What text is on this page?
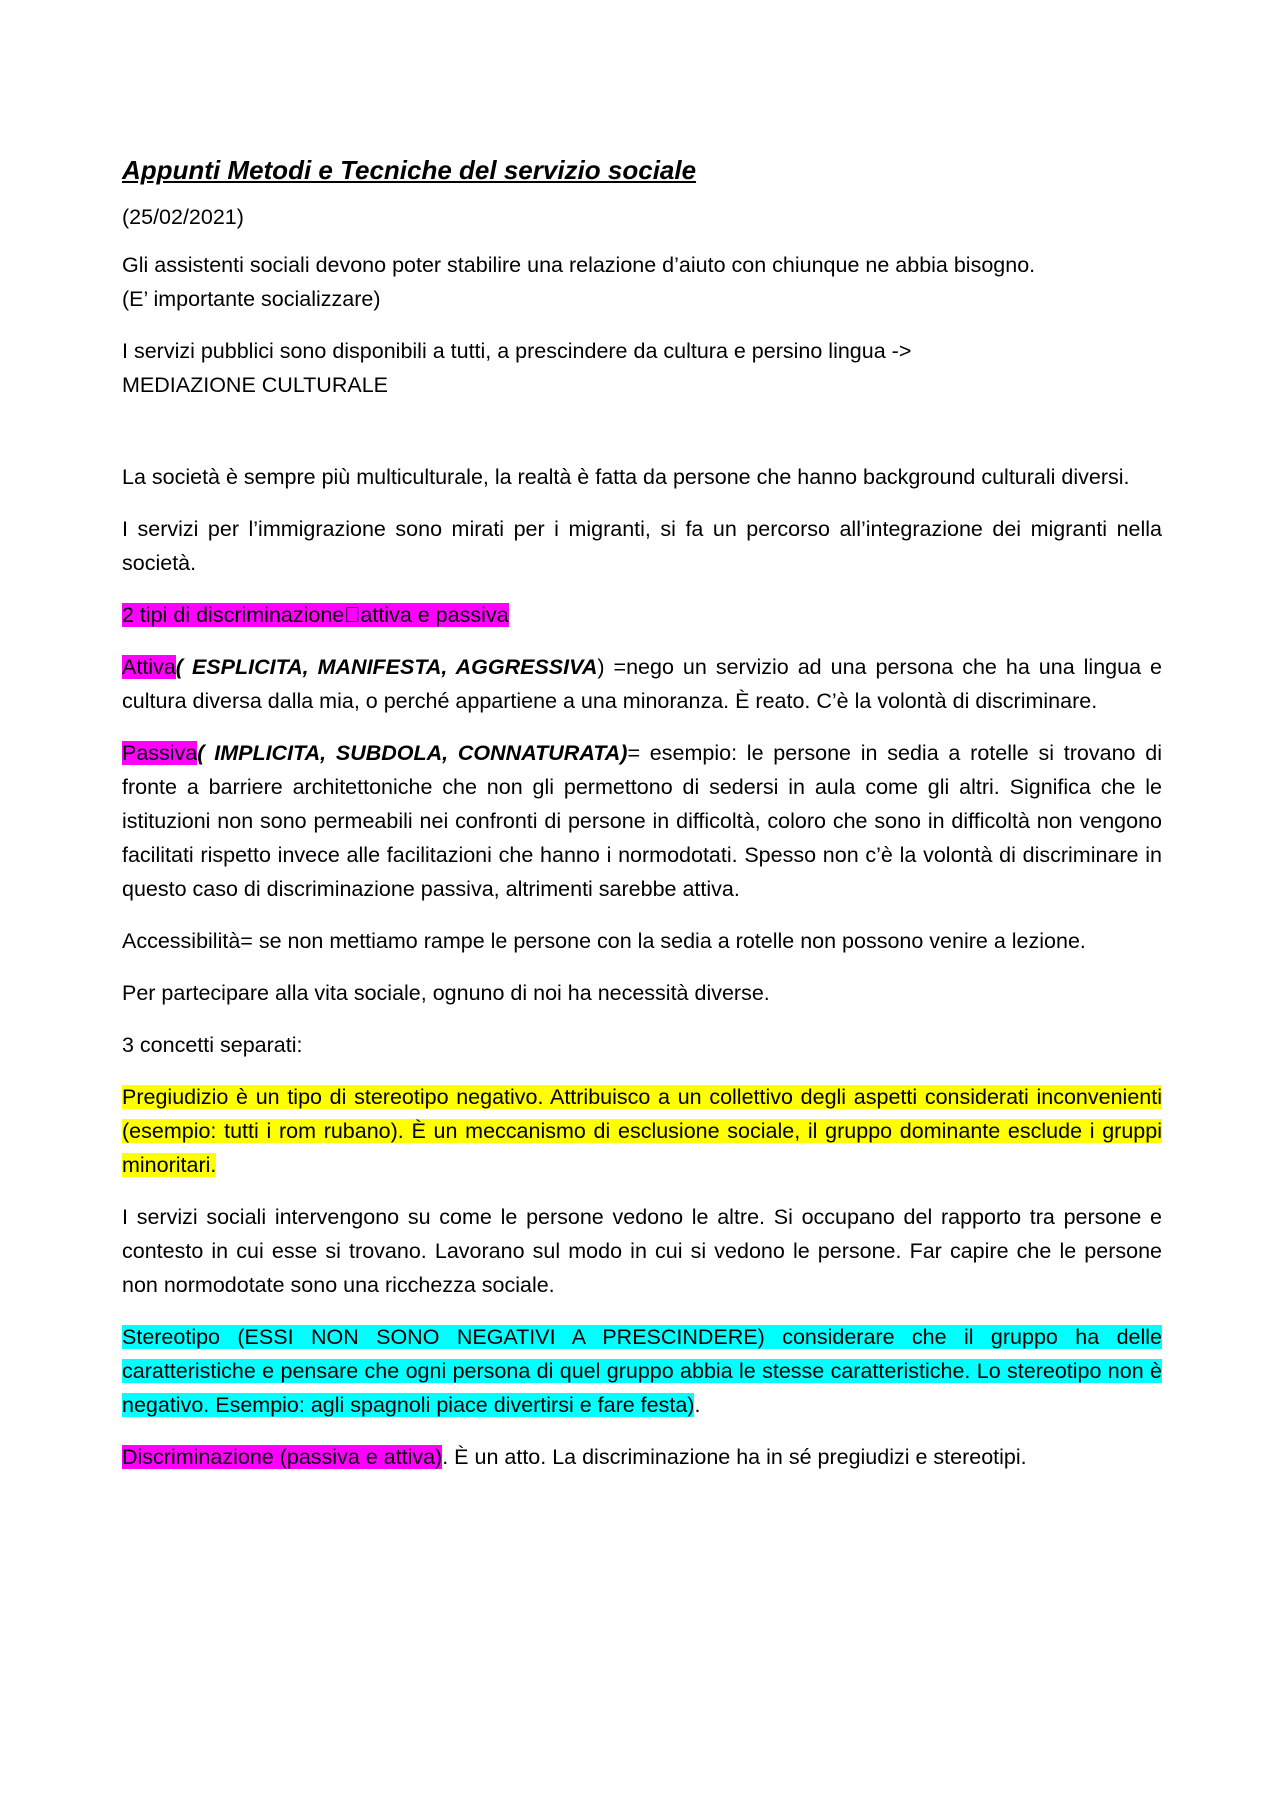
Appunti Metodi e Tecniche del servizio sociale

(25/02/2021)

Gli assistenti sociali devono poter stabilire una relazione d’aiuto con chiunque ne abbia bisogno.
(E’ importante socializzare)

I servizi pubblici sono disponibili a tutti, a prescindere da cultura e persino lingua -> MEDIAZIONE CULTURALE

La società è sempre più multiculturale, la realtà è fatta da persone che hanno background culturali diversi.

I servizi per l’immigrazione sono mirati per i migranti, si fa un percorso all’integrazione dei migranti nella società.

2 tipi di discriminazione attiva e passiva

Attiva( ESPLICITA, MANIFESTA, AGGRESSIVA) =nego un servizio ad una persona che ha una lingua e cultura diversa dalla mia, o perché appartiene a una minoranza. È reato. C’è la volontà di discriminare.

Passiva( IMPLICITA, SUBDOLA, CONNATURATA)= esempio: le persone in sedia a rotelle si trovano di fronte a barriere architettoniche che non gli permettono di sedersi in aula come gli altri. Significa che le istituzioni non sono permeabili nei confronti di persone in difficoltà, coloro che sono in difficoltà non vengono facilitati rispetto invece alle facilitazioni che hanno i normodotati. Spesso non c’è la volontà di discriminare in questo caso di discriminazione passiva, altrimenti sarebbe attiva.

Accessibilità= se non mettiamo rampe le persone con la sedia a rotelle non possono venire a lezione.

Per partecipare alla vita sociale, ognuno di noi ha necessità diverse.

3 concetti separati:

Pregiudizio è un tipo di stereotipo negativo. Attribuisco a un collettivo degli aspetti considerati inconvenienti (esempio: tutti i rom rubano). È un meccanismo di esclusione sociale, il gruppo dominante esclude i gruppi minoritari.

I servizi sociali intervengono su come le persone vedono le altre. Si occupano del rapporto tra persone e contesto in cui esse si trovano. Lavorano sul modo in cui si vedono le persone. Far capire che le persone non normodotate sono una ricchezza sociale.

Stereotipo (ESSI NON SONO NEGATIVI A PRESCINDERE) considerare che il gruppo ha delle caratteristiche e pensare che ogni persona di quel gruppo abbia le stesse caratteristiche. Lo stereotipo non è negativo. Esempio: agli spagnoli piace divertirsi e fare festa).

Discriminazione (passiva e attiva). È un atto. La discriminazione ha in sé pregiudizi e stereotipi.
